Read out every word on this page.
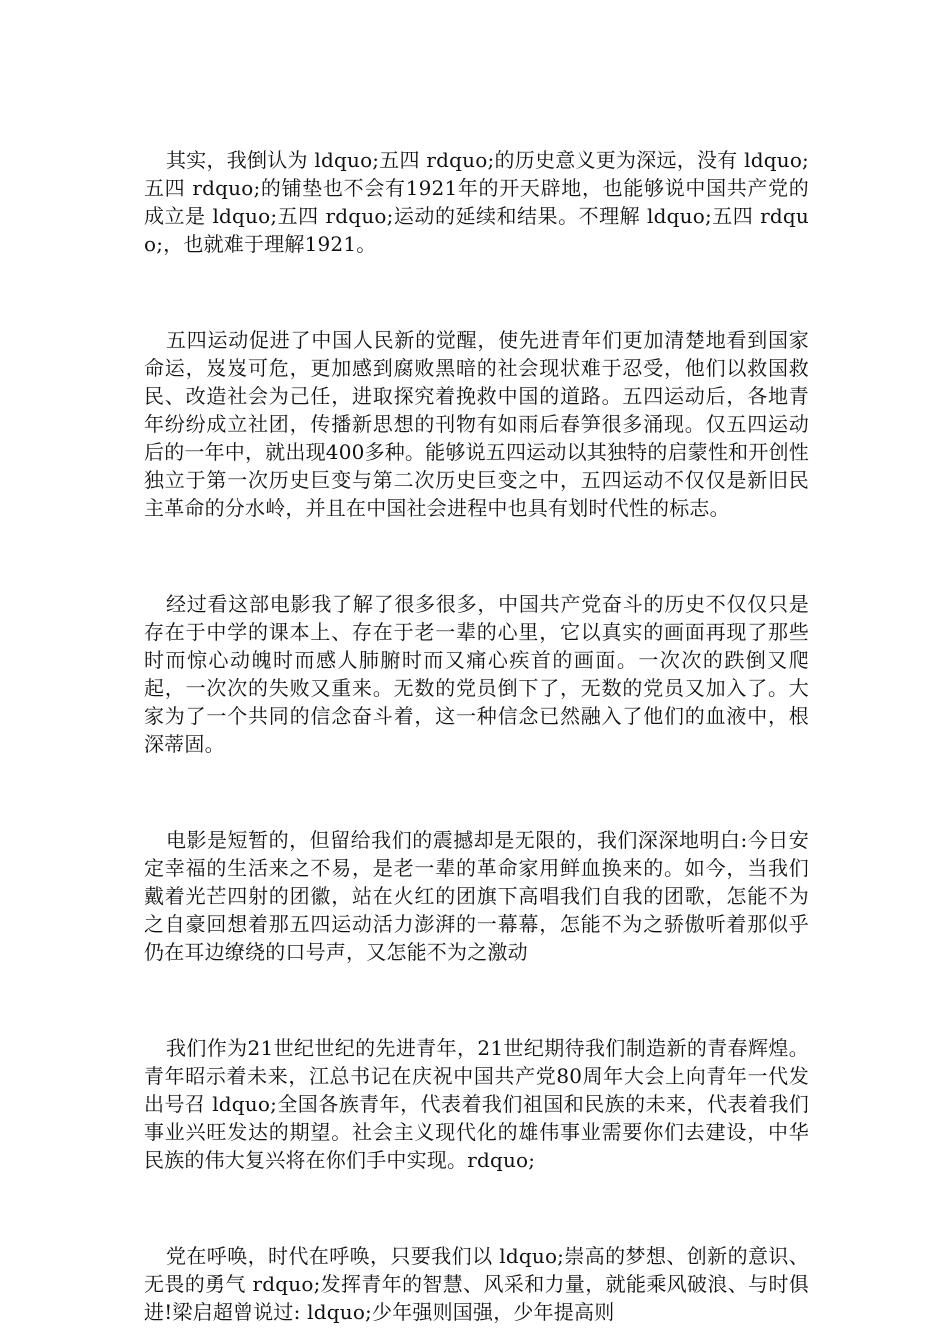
其实，我倒认为 ldquo;五四 rdquo;的历史意义更为深远，没有 ldquo;五四 rdquo;的铺垫也不会有1921年的开天辟地，也能够说中国共产党的成立是 ldquo;五四 rdquo;运动的延续和结果。不理解 ldquo;五四 rdquo;，也就难于理解1921。

五四运动促进了中国人民新的觉醒，使先进青年们更加清楚地看到国家命运，岌岌可危，更加感到腐败黑暗的社会现状难于忍受，他们以救国救民、改造社会为己任，进取探究着挽救中国的道路。五四运动后，各地青年纷纷成立社团，传播新思想的刊物有如雨后春笋很多涌现。仅五四运动后的一年中，就出现400多种。能够说五四运动以其独特的启蒙性和开创性独立于第一次历史巨变与第二次历史巨变之中，五四运动不仅仅是新旧民主革命的分水岭，并且在中国社会进程中也具有划时代性的标志。

经过看这部电影我了解了很多很多，中国共产党奋斗的历史不仅仅只是存在于中学的课本上、存在于老一辈的心里，它以真实的画面再现了那些时而惊心动魄时而感人肺腑时而又痛心疾首的画面。一次次的跌倒又爬起，一次次的失败又重来。无数的党员倒下了，无数的党员又加入了。大家为了一个共同的信念奋斗着，这一种信念已然融入了他们的血液中，根深蒂固。

电影是短暂的，但留给我们的震撼却是无限的，我们深深地明白:今日安定幸福的生活来之不易，是老一辈的革命家用鲜血换来的。如今，当我们戴着光芒四射的团徽，站在火红的团旗下高唱我们自我的团歌，怎能不为之自豪回想着那五四运动活力澎湃的一幕幕，怎能不为之骄傲听着那似乎仍在耳边缭绕的口号声，又怎能不为之激动

我们作为21世纪世纪的先进青年，21世纪期待我们制造新的青春辉煌。青年昭示着未来，江总书记在庆祝中国共产党80周年大会上向青年一代发出号召 ldquo;全国各族青年，代表着我们祖国和民族的未来，代表着我们事业兴旺发达的期望。社会主义现代化的雄伟事业需要你们去建设，中华民族的伟大复兴将在你们手中实现。rdquo;

党在呼唤，时代在呼唤，只要我们以 ldquo;崇高的梦想、创新的意识、无畏的勇气 rdquo;发挥青年的智慧、风采和力量，就能乘风破浪、与时俱进!梁启超曾说过: ldquo;少年强则国强，少年提高则
